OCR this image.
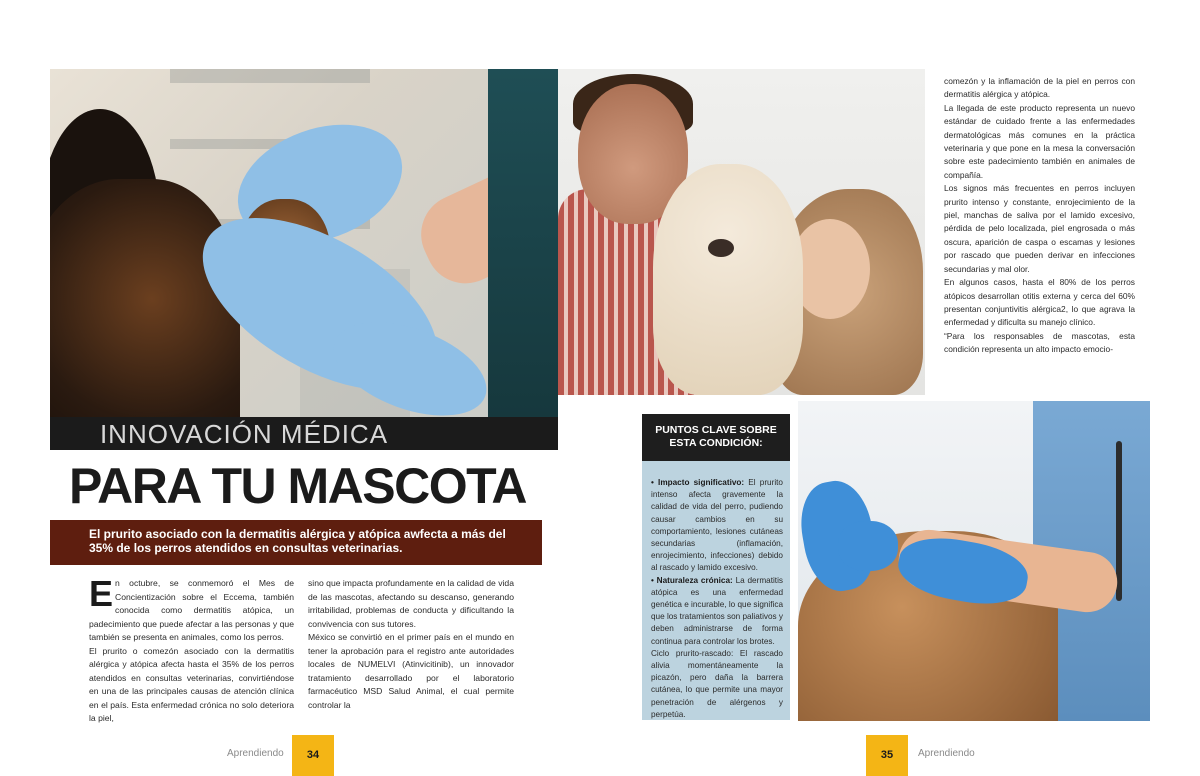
INNOVACIÓN MÉDICA
PARA TU MASCOTA
El prurito asociado con la dermatitis alérgica y atópica awfecta a más del 35% de los perros atendidos en consultas veterinarias.

En octubre, se conmemoró el Mes de Concientización sobre el Eccema, también conocida como dermatitis atópica, un padecimiento que puede afectar a las personas y que también se presenta en animales, como los perros.

El prurito o comezón asociado con la dermatitis alérgica y atópica afecta hasta el 35% de los perros atendidos en consultas veterinarias, convirtiéndose en una de las principales causas de atención clínica en el país. Esta enfermedad crónica no solo deteriora la piel,

sino que impacta profundamente en la calidad de vida de las mascotas, afectando su descanso, generando irritabilidad, problemas de conducta y dificultando la convivencia con sus tutores.

México se convirtió en el primer país en el mundo en tener la aprobación para el registro ante autoridades locales de NUMELVI (Atinvicitinib), un innovador tratamiento desarrollado por el laboratorio farmacéutico MSD Salud Animal, el cual permite controlar la

comezón y la inflamación de la piel en perros con dermatitis alérgica y atópica.

La llegada de este producto representa un nuevo estándar de cuidado frente a las enfermedades dermatológicas más comunes en la práctica veterinaria y que pone en la mesa la conversación sobre este padecimiento también en animales de compañía.

Los signos más frecuentes en perros incluyen prurito intenso y constante, enrojecimiento de la piel, manchas de saliva por el lamido excesivo, pérdida de pelo localizada, piel engrosada o más oscura, aparición de caspa o escamas y lesiones por rascado que pueden derivar en infecciones secundarias y mal olor.

En algunos casos, hasta el 80% de los perros atópicos desarrollan otitis externa y cerca del 60% presentan conjuntivitis alérgica2, lo que agrava la enfermedad y dificulta su manejo clínico.

“Para los responsables de mascotas, esta condición representa un alto impacto emocio-

PUNTOS CLAVE SOBRE ESTA CONDICIÓN:

• Impacto significativo: El prurito intenso afecta gravemente la calidad de vida del perro, pudiendo causar cambios en su comportamiento, lesiones cutáneas secundarias (inflamación, enrojecimiento, infecciones) debido al rascado y lamido excesivo.

• Naturaleza crónica: La dermatitis atópica es una enfermedad genética e incurable, lo que significa que los tratamientos son paliativos y deben administrarse de forma continua para controlar los brotes.

Ciclo prurito-rascado: El rascado alivia momentáneamente la picazón, pero daña la barrera cutánea, lo que permite una mayor penetración de alérgenos y perpetúa.

Aprendiendo	34	35	Aprendiendo
